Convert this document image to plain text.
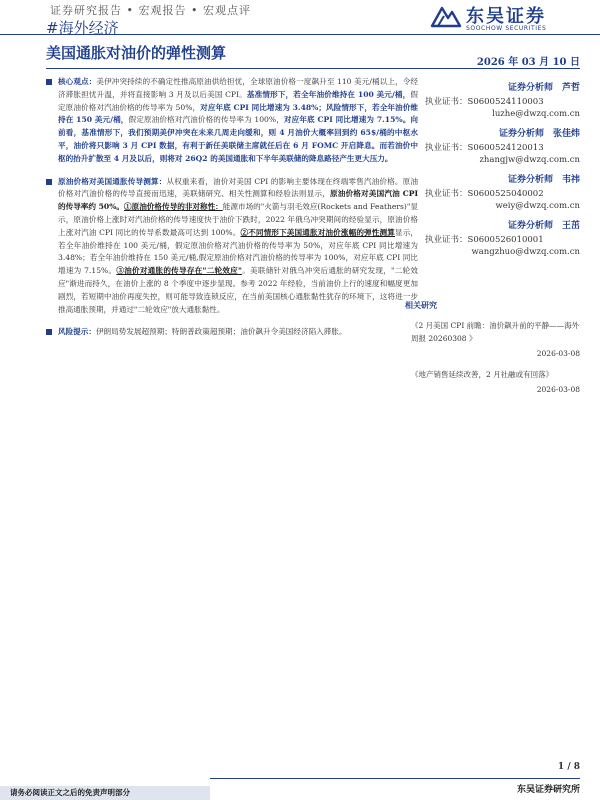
证券研究报告 • 宏观报告 • 宏观点评	东吴证券
SOOCHOW SECURITIES
#海外经济
美国通胀对油价的弹性测算
2026 年 03 月 10 日

核心观点：美伊冲突持续的不确定性推高原油供给担忧，全球原油价格一度飙升至 110 美元/桶以上，令经济滞胀担忧升温，并将直接影响 3 月及以后美国 CPI。基准情形下，若全年油价维持在 100 美元/桶，假定原油价格对汽油价格的传导率为 50%，对应年底 CPI 同比增速为 3.48%；风险情形下，若全年油价维持在 150 美元/桶，假定原油价格对汽油价格的传导率为 100%，对应年底 CPI 同比增速为 7.15%。向前看，基准情形下，我们预期美伊冲突在未来几周走向缓和，则 4 月油价大概率回到约 65$/桶的中枢水平，油价将只影响 3 月 CPI 数据，有利于新任美联储主席就任后在 6 月 FOMC 开启降息。而若油价中枢的抬升扩散至 4 月及以后，则将对 26Q2 的美国通胀和下半年美联储的降息路径产生更大压力。

原油价格对美国通胀传导测算：从权重来看，油价对美国 CPI 的影响主要体现在终端零售汽油价格。原油价格对汽油价格的传导直接而迅速，美联储研究、相关性测算和经验法则显示，原油价格对美国汽油 CPI 的传导率约 50%。①原油价格传导的非对称性：能源市场的"火箭与羽毛效应(Rockets and Feathers)"显示，原油价格上涨时对汽油价格的传导速度快于油价下跌时，2022 年俄乌冲突期间的经验显示，原油价格上涨对汽油 CPI 同比的传导系数最高可达到 100%。②不同情形下美国通胀对油价涨幅的弹性测算显示，若全年油价维持在 100 美元/桶，假定原油价格对汽油价格的传导率为 50%，对应年底 CPI 同比增速为 3.48%；若全年油价维持在 150 美元/桶,假定原油价格对汽油价格的传导率为 100%，对应年底 CPI 同比增速为 7.15%。③油价对通胀的传导存在"二轮效应"。美联储针对俄乌冲突后通胀的研究发现，"二轮效应"渐进而持久，在油价上涨的 8 个季度中逐步显现。参考 2022 年经验，当前油价上行的速度和幅度更加剧烈，若短期中油价再度失控，则可能导致连锁反应，在当前美国核心通胀黏性犹存的环境下，这将进一步推高通胀预期，并通过"二轮效应"放大通胀黏性。

风险提示：伊朗局势发展超预期；特朗普政策超预期；油价飙升令美国经济陷入滞胀。

证券分析师　芦哲
执业证书：S0600524110003
luzhe@dwzq.com.cn
证券分析师　张佳炜
执业证书：S0600524120013
zhangjw@dwzq.com.cn
证券分析师　韦祎
执业证书：S0600525040002
weiy@dwzq.com.cn
证券分析师　王茁
执业证书：S0600526010001
wangzhuo@dwzq.com.cn
相关研究
《2 月美国 CPI 前瞻：油价飙升前的平静——海外周报 20260308 》
2026-03-08
《地产销售延续改善，2 月社融或有回落》
2026-03-08
1 / 8
请务必阅读正文之后的免责声明部分	东吴证券研究所
